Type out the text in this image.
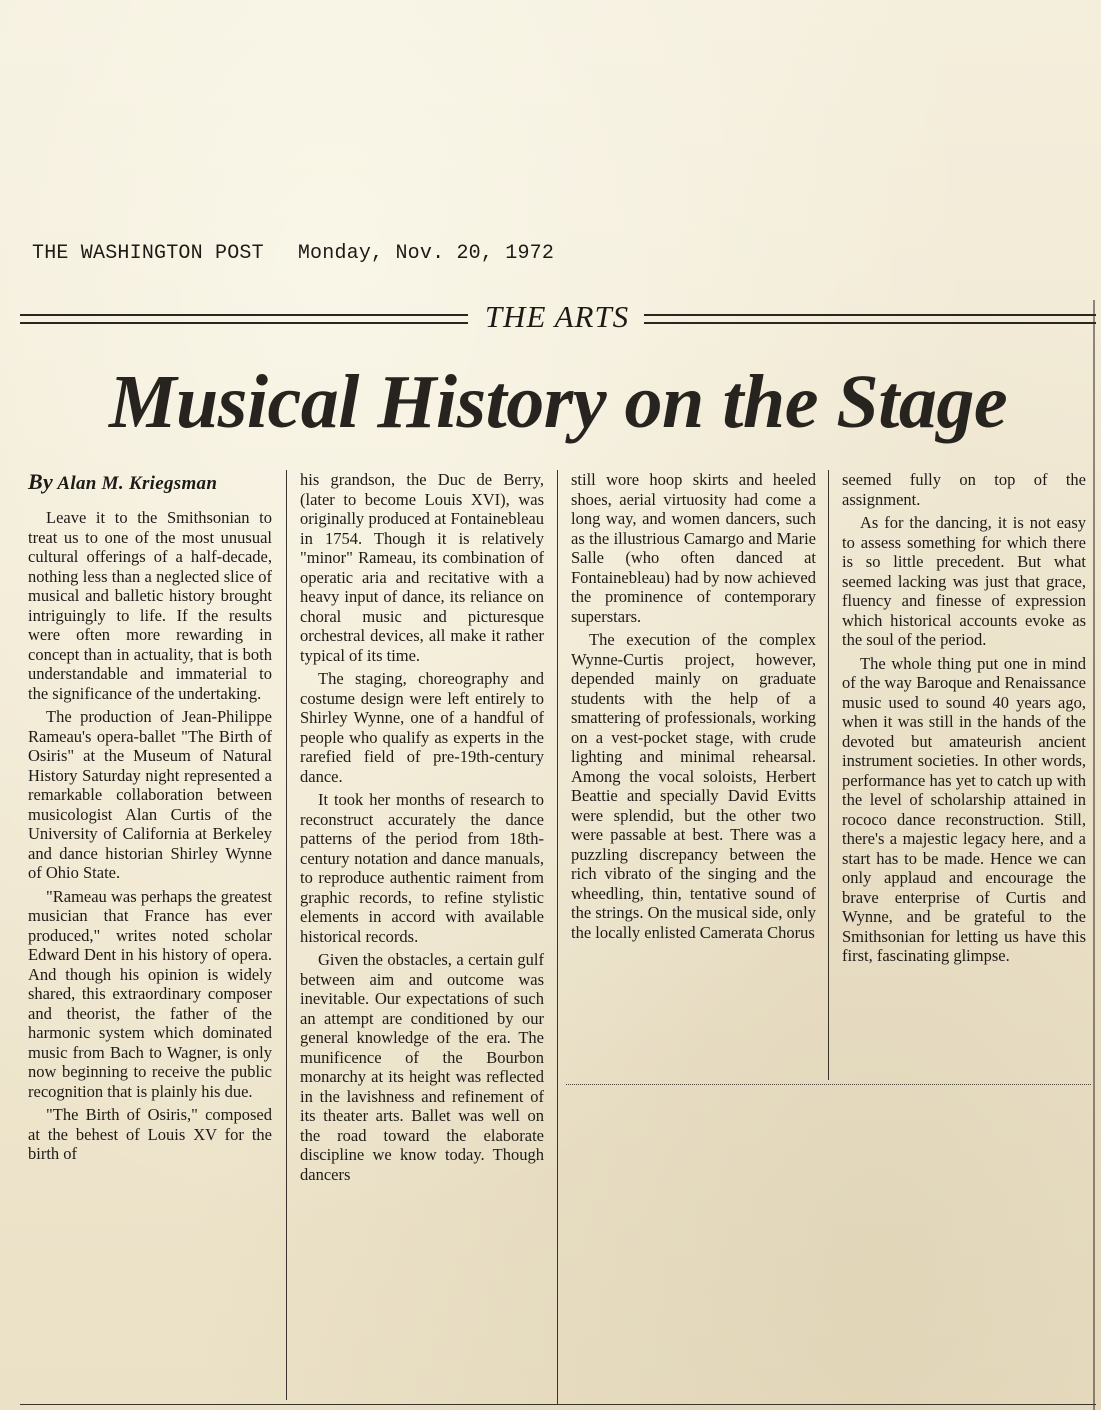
THE WASHINGTON POST Monday, Nov. 20, 1972
THE ARTS
Musical History on the Stage
By Alan M. Kriegsman

Leave it to the Smithsonian to treat us to one of the most unusual cultural offerings of a half-decade, nothing less than a neglected slice of musical and balletic history brought intriguingly to life. If the results were often more rewarding in concept than in actuality, that is both understandable and immaterial to the significance of the undertaking.

The production of Jean-Philippe Rameau's opera-ballet "The Birth of Osiris" at the Museum of Natural History Saturday night represented a remarkable collaboration between musicologist Alan Curtis of the University of California at Berkeley and dance historian Shirley Wynne of Ohio State.

"Rameau was perhaps the greatest musician that France has ever produced," writes noted scholar Edward Dent in his history of opera. And though his opinion is widely shared, this extraordinary composer and theorist, the father of the harmonic system which dominated music from Bach to Wagner, is only now beginning to receive the public recognition that is plainly his due.

"The Birth of Osiris," composed at the behest of Louis XV for the birth of

his grandson, the Duc de Berry, (later to become Louis XVI), was originally produced at Fontainebleau in 1754. Though it is relatively "minor" Rameau, its combination of operatic aria and recitative with a heavy input of dance, its reliance on choral music and picturesque orchestral devices, all make it rather typical of its time.

The staging, choreography and costume design were left entirely to Shirley Wynne, one of a handful of people who qualify as experts in the rarefied field of pre-19th-century dance.

It took her months of research to reconstruct accurately the dance patterns of the period from 18th-century notation and dance manuals, to reproduce authentic raiment from graphic records, to refine stylistic elements in accord with available historical records.

Given the obstacles, a certain gulf between aim and outcome was inevitable. Our expectations of such an attempt are conditioned by our general knowledge of the era. The munificence of the Bourbon monarchy at its height was reflected in the lavishness and refinement of its theater arts. Ballet was well on the road toward the elaborate discipline we know today. Though dancers

still wore hoop skirts and heeled shoes, aerial virtuosity had come a long way, and women dancers, such as the illustrious Camargo and Marie Salle (who often danced at Fontainebleau) had by now achieved the prominence of contemporary superstars.

The execution of the complex Wynne-Curtis project, however, depended mainly on graduate students with the help of a smattering of professionals, working on a vest-pocket stage, with crude lighting and minimal rehearsal. Among the vocal soloists, Herbert Beattie and specially David Evitts were splendid, but the other two were passable at best. There was a puzzling discrepancy between the rich vibrato of the singing and the wheedling, thin, tentative sound of the strings. On the musical side, only the locally enlisted Camerata Chorus

seemed fully on top of the assignment.

As for the dancing, it is not easy to assess something for which there is so little precedent. But what seemed lacking was just that grace, fluency and finesse of expression which historical accounts evoke as the soul of the period.

The whole thing put one in mind of the way Baroque and Renaissance music used to sound 40 years ago, when it was still in the hands of the devoted but amateurish ancient instrument societies. In other words, performance has yet to catch up with the level of scholarship attained in rococo dance reconstruction. Still, there's a majestic legacy here, and a start has to be made. Hence we can only applaud and encourage the brave enterprise of Curtis and Wynne, and be grateful to the Smithsonian for letting us have this first, fascinating glimpse.
